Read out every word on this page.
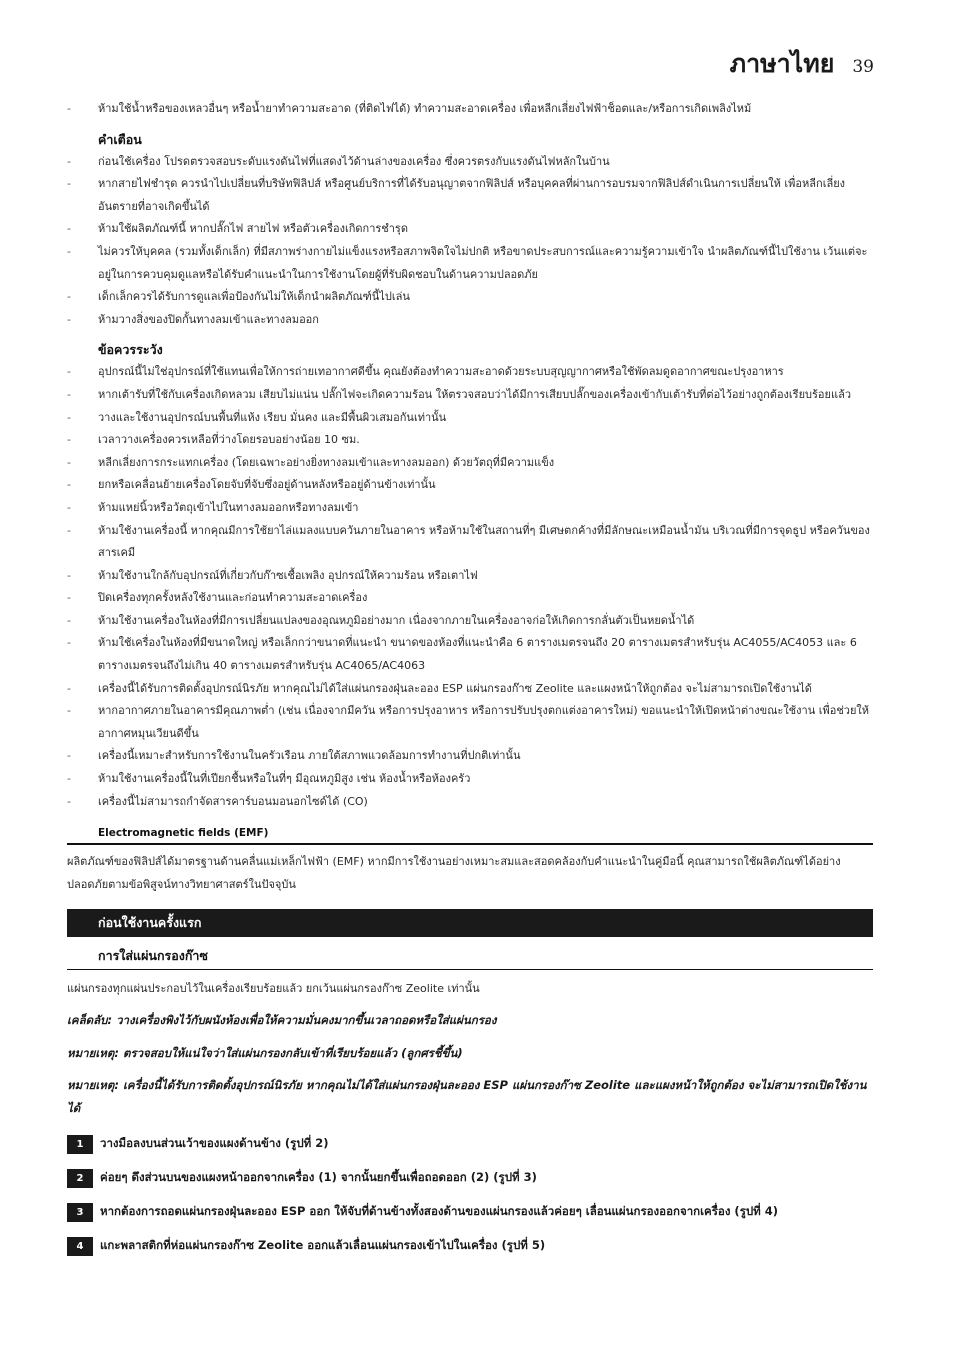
ภาษาไทย 39
- ห้ามใช้น้ำหรือของเหลวอื่นๆ หรือน้ำยาทำความสะอาด (ที่ติดไฟได้) ทำความสะอาดเครื่อง เพื่อหลีกเลี่ยงไฟฟ้าช็อตและ/หรือการเกิดเพลิงไหม้
คำเตือน
- ก่อนใช้เครื่อง โปรดตรวจสอบระดับแรงดันไฟที่แสดงไว้ด้านล่างของเครื่อง ซึ่งควรตรงกับแรงดันไฟหลักในบ้าน
- หากสายไฟชำรุด ควรนำไปเปลี่ยนที่บริษัทฟิลิปส์ หรือศูนย์บริการที่ได้รับอนุญาตจากฟิลิปส์ หรือบุคคลที่ผ่านการอบรมจากฟิลิปส์ดำเนินการเปลี่ยนให้ เพื่อหลีกเลี่ยงอันตรายที่อาจเกิดขึ้นได้
- ห้ามใช้ผลิตภัณฑ์นี้ หากปลั๊กไฟ สายไฟ หรือตัวเครื่องเกิดการชำรุด
- ไม่ควรให้บุคคล (รวมทั้งเด็กเล็ก) ที่มีสภาพร่างกายไม่แข็งแรงหรือสภาพจิตใจไม่ปกติ หรือขาดประสบการณ์และความรู้ความเข้าใจ นำผลิตภัณฑ์นี้ไปใช้งาน เว้นแต่จะอยู่ในการควบคุมดูแลหรือได้รับคำแนะนำในการใช้งานโดยผู้ที่รับผิดชอบในด้านความปลอดภัย
- เด็กเล็กควรได้รับการดูแลเพื่อป้องกันไม่ให้เด็กนำผลิตภัณฑ์นี้ไปเล่น
- ห้ามวางสิ่งของปิดกั้นทางลมเข้าและทางลมออก
ข้อควรระวัง
- อุปกรณ์นี้ไม่ใช่อุปกรณ์ที่ใช้แทนเพื่อให้การถ่ายเทอากาศดีขึ้น คุณยังต้องทำความสะอาดด้วยระบบสุญญากาศหรือใช้พัดลมดูดอากาศขณะปรุงอาหาร
- หากเต้ารับที่ใช้กับเครื่องเกิดหลวม เสียบไม่แน่น ปลั๊กไฟจะเกิดความร้อน ให้ตรวจสอบว่าได้มีการเสียบปลั๊กของเครื่องเข้ากับเต้ารับที่ต่อไว้อย่างถูกต้องเรียบร้อยแล้ว
- วางและใช้งานอุปกรณ์บนพื้นที่แห้ง เรียบ มั่นคง และมีพื้นผิวเสมอกันเท่านั้น
- เวลาวางเครื่องควรเหลือที่ว่างโดยรอบอย่างน้อย 10 ซม.
- หลีกเลี่ยงการกระแทกเครื่อง (โดยเฉพาะอย่างยิ่งทางลมเข้าและทางลมออก) ด้วยวัตถุที่มีความแข็ง
- ยกหรือเคลื่อนย้ายเครื่องโดยจับที่จับซึ่งอยู่ด้านหลังหรืออยู่ด้านข้างเท่านั้น
- ห้ามแหย่นิ้วหรือวัตถุเข้าไปในทางลมออกหรือทางลมเข้า
- ห้ามใช้งานเครื่องนี้ หากคุณมีการใช้ยาไล่แมลงแบบควันภายในอาคาร หรือห้ามใช้ในสถานที่ๆ มีเศษตกค้างที่มีลักษณะเหมือนน้ำมัน บริเวณที่มีการจุดธูป หรือควันของสารเคมี
- ห้ามใช้งานใกล้กับอุปกรณ์ที่เกี่ยวกับก๊าซเชื้อเพลิง อุปกรณ์ให้ความร้อน หรือเตาไฟ
- ปิดเครื่องทุกครั้งหลังใช้งานและก่อนทำความสะอาดเครื่อง
- ห้ามใช้งานเครื่องในห้องที่มีการเปลี่ยนแปลงของอุณหภูมิอย่างมาก เนื่องจากภายในเครื่องอาจก่อให้เกิดการกลั่นตัวเป็นหยดน้ำได้
- ห้ามใช้เครื่องในห้องที่มีขนาดใหญ่ หรือเล็กกว่าขนาดที่แนะนำ ขนาดของห้องที่แนะนำคือ 6 ตารางเมตรจนถึง 20 ตารางเมตรสำหรับรุ่น AC4055/AC4053 และ 6 ตารางเมตรจนถึงไม่เกิน 40 ตารางเมตรสำหรับรุ่น AC4065/AC4063
- เครื่องนี้ได้รับการติดตั้งอุปกรณ์นิรภัย หากคุณไม่ได้ใส่แผ่นกรองฝุ่นละออง ESP แผ่นกรองก๊าซ Zeolite และแผงหน้าให้ถูกต้อง จะไม่สามารถเปิดใช้งานได้
- หากอากาศภายในอาคารมีคุณภาพต่ำ (เช่น เนื่องจากมีควัน หรือการปรุงอาหาร หรือการปรับปรุงตกแต่งอาคารใหม่) ขอแนะนำให้เปิดหน้าต่างขณะใช้งาน เพื่อช่วยให้อากาศหมุนเวียนดีขึ้น
- เครื่องนี้เหมาะสำหรับการใช้งานในครัวเรือน ภายใต้สภาพแวดล้อมการทำงานที่ปกติเท่านั้น
- ห้ามใช้งานเครื่องนี้ในที่เปียกชื้นหรือในที่ๆ มีอุณหภูมิสูง เช่น ห้องน้ำหรือห้องครัว
- เครื่องนี้ไม่สามารถกำจัดสารคาร์บอนมอนอกไซด์ได้ (CO)
Electromagnetic fields (EMF)
ผลิตภัณฑ์ของฟิลิปส์ได้มาตรฐานด้านคลื่นแม่เหล็กไฟฟ้า (EMF) หากมีการใช้งานอย่างเหมาะสมและสอดคล้องกับคำแนะนำในคู่มือนี้ คุณสามารถใช้ผลิตภัณฑ์ได้อย่างปลอดภัยตามข้อพิสูจน์ทางวิทยาศาสตร์ในปัจจุบัน
ก่อนใช้งานครั้งแรก
การใส่แผ่นกรองก๊าซ
แผ่นกรองทุกแผ่นประกอบไว้ในเครื่องเรียบร้อยแล้ว ยกเว้นแผ่นกรองก๊าซ Zeolite เท่านั้น
เคล็ดลับ: วางเครื่องพิงไว้กับผนังห้องเพื่อให้ความมั่นคงมากขึ้นเวลาถอดหรือใส่แผ่นกรอง
หมายเหตุ: ตรวจสอบให้แน่ใจว่าใส่แผ่นกรองกลับเข้าที่เรียบร้อยแล้ว (ลูกศรชี้ขึ้น)
หมายเหตุ: เครื่องนี้ได้รับการติดตั้งอุปกรณ์นิรภัย หากคุณไม่ได้ใส่แผ่นกรองฝุ่นละออง ESP แผ่นกรองก๊าซ Zeolite และแผงหน้าให้ถูกต้อง จะไม่สามารถเปิดใช้งานได้
1	วางมือลงบนส่วนเว้าของแผงด้านข้าง (รูปที่ 2)
2	ค่อยๆ ดึงส่วนบนของแผงหน้าออกจากเครื่อง (1) จากนั้นยกขึ้นเพื่อถอดออก (2) (รูปที่ 3)
3	หากต้องการถอดแผ่นกรองฝุ่นละออง ESP ออก ให้จับที่ด้านข้างทั้งสองด้านของแผ่นกรองแล้วค่อยๆ เลื่อนแผ่นกรองออกจากเครื่อง (รูปที่ 4)
4	แกะพลาสติกที่ห่อแผ่นกรองก๊าซ Zeolite ออกแล้วเลื่อนแผ่นกรองเข้าไปในเครื่อง (รูปที่ 5)
